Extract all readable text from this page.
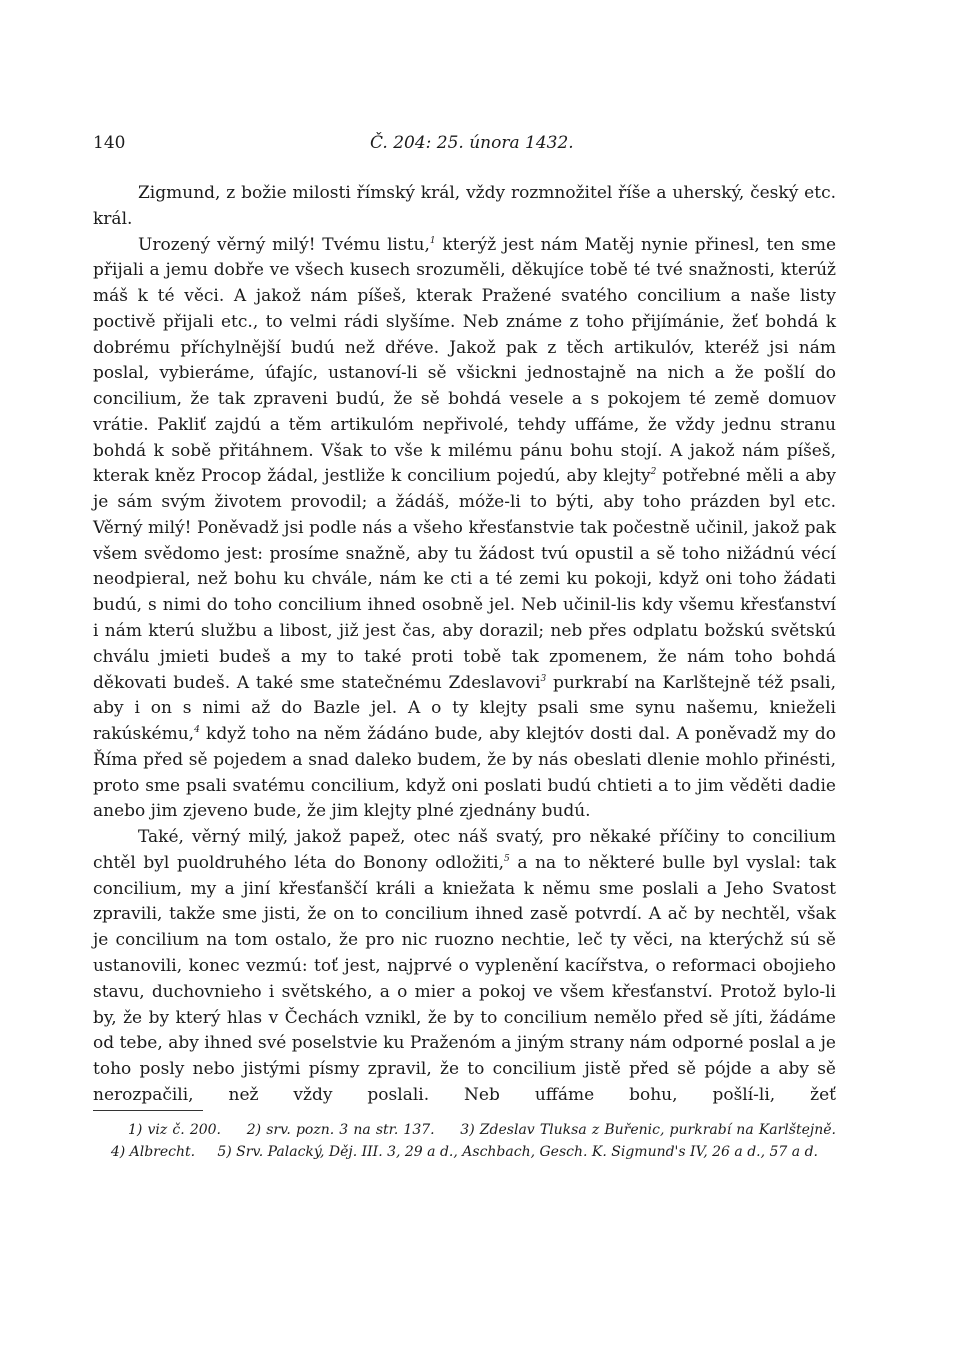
140	Č. 204: 25. února 1432.

Zigmund, z božie milosti římský král, vždy rozmnožitel říše a uherský, český etc. král.

Urozený věrný milý! Tvému listu,$^1$ kterýž jest nám Matěj nynie přinesl, ten sme přijali a jemu dobře ve všech kusech srozuměli, děkujíce tobě té tvé snažnosti, kterúž máš k té věci. A jakož nám píšeš, kterak Pražené svatého concilium a naše listy poctivě přijali etc., to velmi rádi slyšíme. Neb známe z toho přijímánie, žeť bohdá k dobrému příchylnější budú než dřéve. Jakož pak z těch artikulóv, kteréž jsi nám poslal, vybieráme, úfajíc, ustanoví-li sě všickni jednostajně na nich a že pošlí do concilium, že tak zpraveni budú, že sě bohdá vesele a s pokojem té země domuov vrátie. Pakliť zajdú a těm artikulóm nepřivolé, tehdy uffáme, že vždy jednu stranu bohdá k sobě přitáhnem. Však to vše k milému pánu bohu stojí. A jakož nám píšeš, kterak kněz Procop žádal, jestliže k concilium pojedú, aby klejty$^2$ potřebné měli a aby je sám svým životem provodil; a žádáš, móže-li to býti, aby toho prázden byl etc. Věrný milý! Poněvadž jsi podle nás a všeho křesťanstvie tak počestně učinil, jakož pak všem svědomo jest: prosíme snažně, aby tu žádost tvú opustil a sě toho nižádnú vécí neodpieral, než bohu ku chvále, nám ke cti a té zemi ku pokoji, když oni toho žádati budú, s nimi do toho concilium ihned osobně jel. Neb učinil-lis kdy všemu křesťanství i nám kterú službu a libost, již jest čas, aby dorazil; neb přes odplatu božskú světskú chválu jmieti budeš a my to také proti tobě tak zpomenem, že nám toho bohdá děkovati budeš. A také sme statečnému Zdeslavovi$^3$ purkrabí na Karlštejně též psali, aby i on s nimi až do Bazle jel. A o ty klejty psali sme synu našemu, knieželi rakúskému,$^4$ když toho na něm žádáno bude, aby klejtóv dosti dal. A poněvadž my do Říma před sě pojedem a snad daleko budem, že by nás obeslati dlenie mohlo přinésti, proto sme psali svatému concilium, když oni poslati budú chtieti a to jim věděti dadie anebo jim zjeveno bude, že jim klejty plné zjednány budú.

Také, věrný milý, jakož papež, otec náš svatý, pro někaké příčiny to concilium chtěl byl puoldruhého léta do Bonony odložiti,$^5$ a na to některé bulle byl vyslal: tak concilium, my a jiní křesťanščí králi a kniežata k němu sme poslali a Jeho Svatost zpravili, takže sme jisti, že on to concilium ihned zasě potvrdí. A ač by nechtěl, však je concilium na tom ostalo, že pro nic ruozno nechtie, leč ty věci, na kterýchž sú sě ustanovili, konec vezmú: toť jest, najprvé o vyplenění kacířstva, o reformaci obojieho stavu, duchovnieho i světského, a o mier a pokoj ve všem křesťanství. Protož bylo-li by, že by který hlas v Čechách vznikl, že by to concilium nemělo před sě jíti, žádáme od tebe, aby ihned své poselstvie ku Praženóm a jiným strany nám odporné poslal a je toho posly nebo jistými písmy zpravil, že to concilium jistě před sě pójde a aby sě nerozpačili, než vždy poslali. Neb uffáme bohu, pošlí-li, žeť

1) viz č. 200. 2) srv. pozn. 3 na str. 137. 3) Zdeslav Tluksa z Buřenic, purkrabí na Karlštejně. 4) Albrecht. 5) Srv. Palacký, Děj. III. 3, 29 a d., Aschbach, Gesch. K. Sigmund's IV, 26 a d., 57 a d.
